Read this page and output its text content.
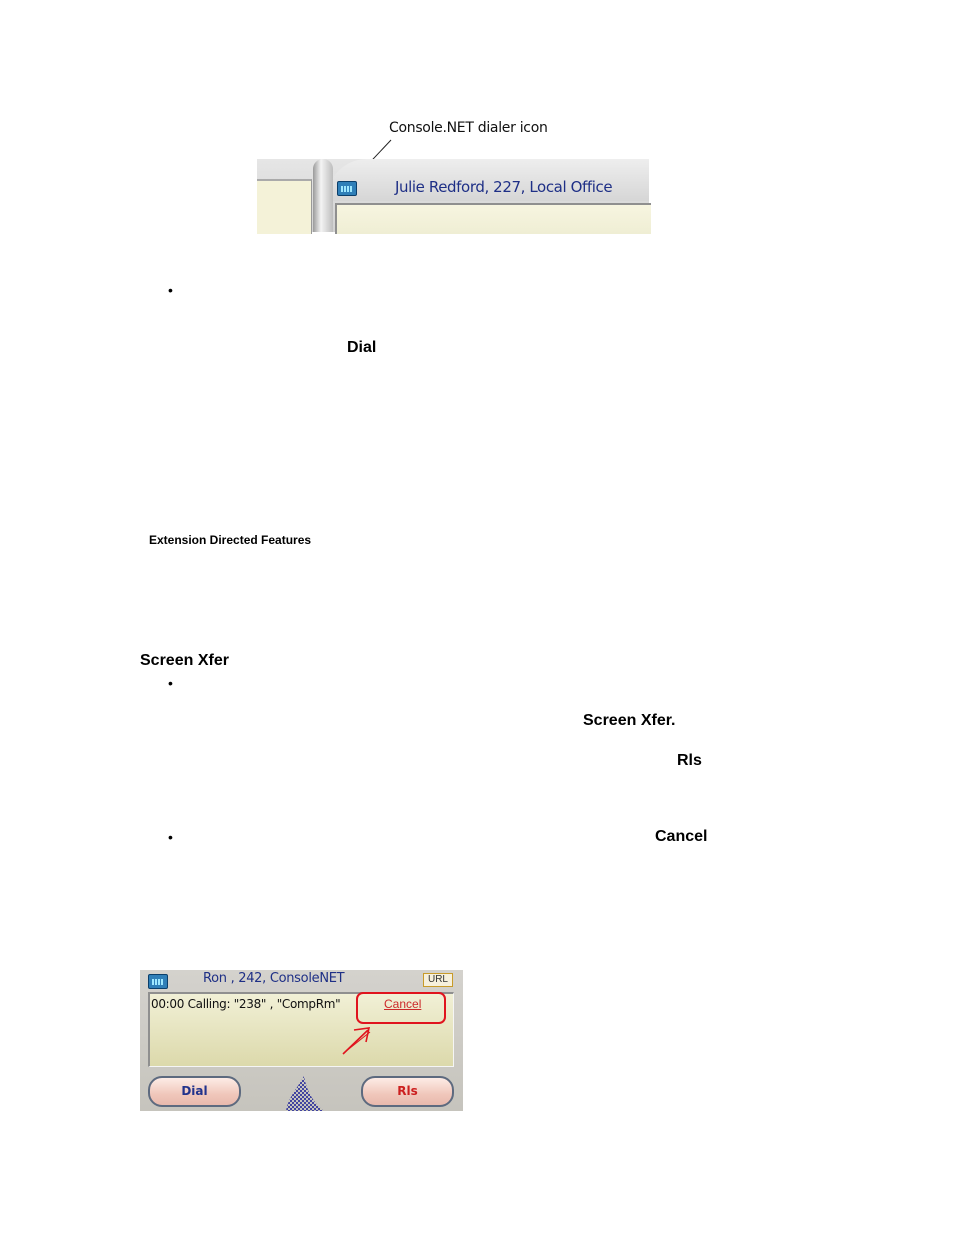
Console.NET dialer icon
Julie Redford, 227, Local Office
•
Dial
Extension Directed Features
Screen Xfer
•
Screen Xfer.
Rls
•	Cancel
Ron , 242, ConsoleNET	URL
00:00 Calling: "238" , "CompRm"	Cancel
Dial	Rls
